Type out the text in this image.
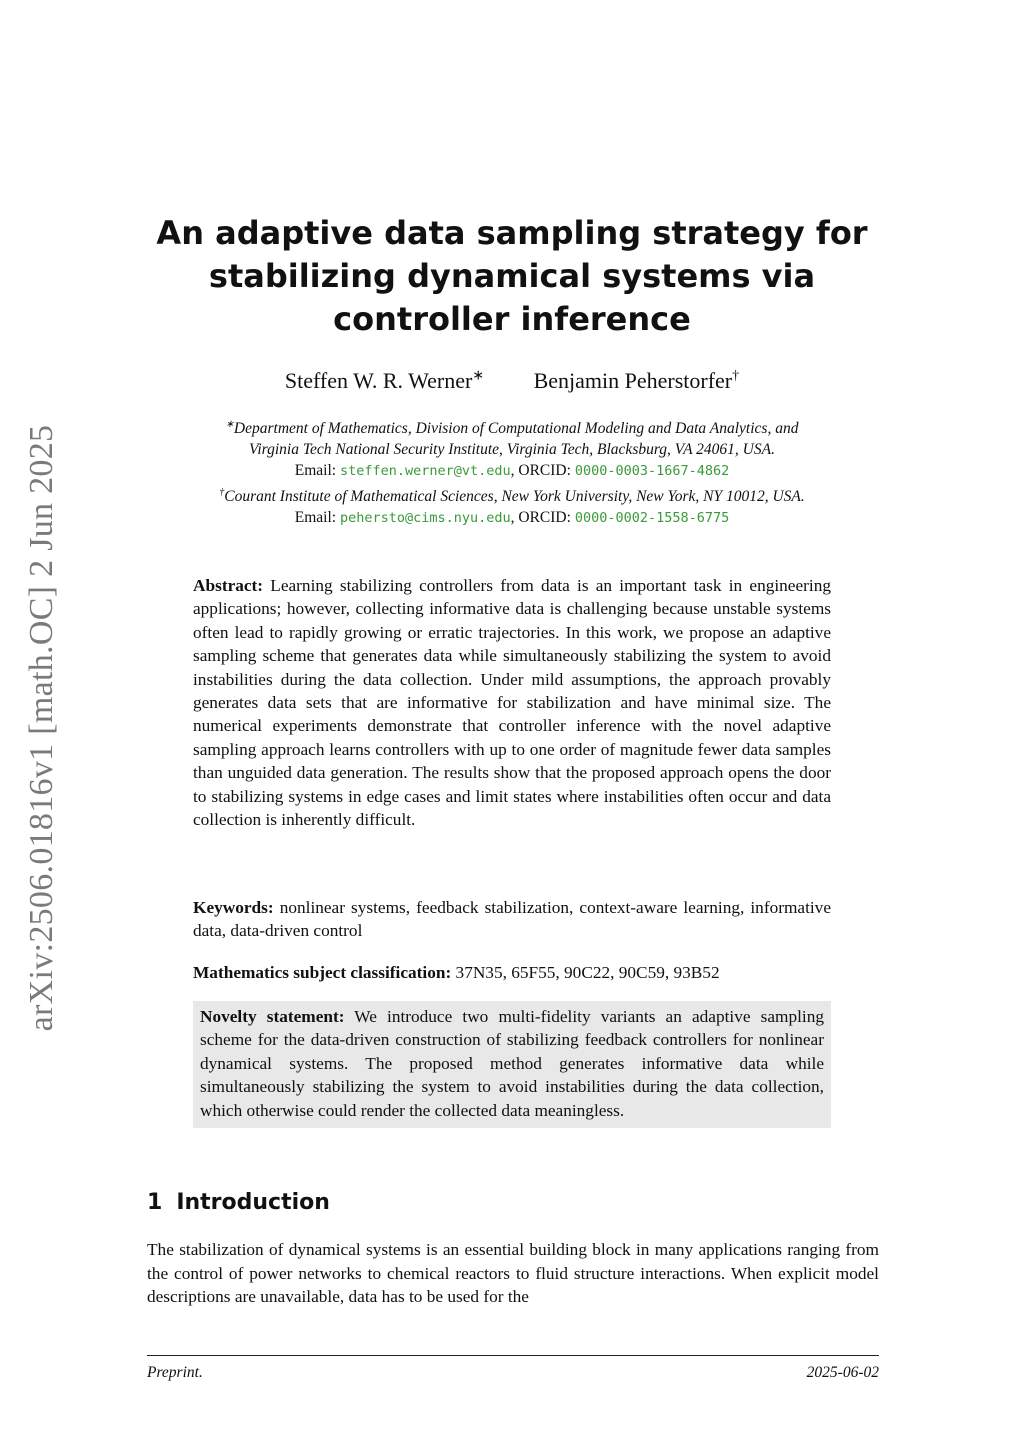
arXiv:2506.01816v1 [math.OC] 2 Jun 2025
An adaptive data sampling strategy for stabilizing dynamical systems via controller inference
Steffen W. R. Werner∗ Benjamin Peherstorfer†
∗Department of Mathematics, Division of Computational Modeling and Data Analytics, and
Virginia Tech National Security Institute, Virginia Tech, Blacksburg, VA 24061, USA.
Email: steffen.werner@vt.edu, ORCID: 0000-0003-1667-4862
†Courant Institute of Mathematical Sciences, New York University, New York, NY 10012, USA.
Email: pehersto@cims.nyu.edu, ORCID: 0000-0002-1558-6775
Abstract: Learning stabilizing controllers from data is an important task in engineering applications; however, collecting informative data is challenging because unstable systems often lead to rapidly growing or erratic trajectories. In this work, we propose an adaptive sampling scheme that generates data while simultaneously stabilizing the system to avoid instabilities during the data collection. Under mild assumptions, the approach provably generates data sets that are informative for stabilization and have minimal size. The numerical experiments demonstrate that controller inference with the novel adaptive sampling approach learns controllers with up to one order of magnitude fewer data samples than unguided data generation. The results show that the proposed approach opens the door to stabilizing systems in edge cases and limit states where instabilities often occur and data collection is inherently difficult.
Keywords: nonlinear systems, feedback stabilization, context-aware learning, informative data, data-driven control
Mathematics subject classification: 37N35, 65F55, 90C22, 90C59, 93B52
Novelty statement: We introduce two multi-fidelity variants an adaptive sampling scheme for the data-driven construction of stabilizing feedback controllers for nonlinear dynamical systems. The proposed method generates informative data while simultaneously stabilizing the system to avoid instabilities during the data collection, which otherwise could render the collected data meaningless.
1 Introduction
The stabilization of dynamical systems is an essential building block in many applications ranging from the control of power networks to chemical reactors to fluid structure interactions. When explicit model descriptions are unavailable, data has to be used for the
Preprint.	2025-06-02
